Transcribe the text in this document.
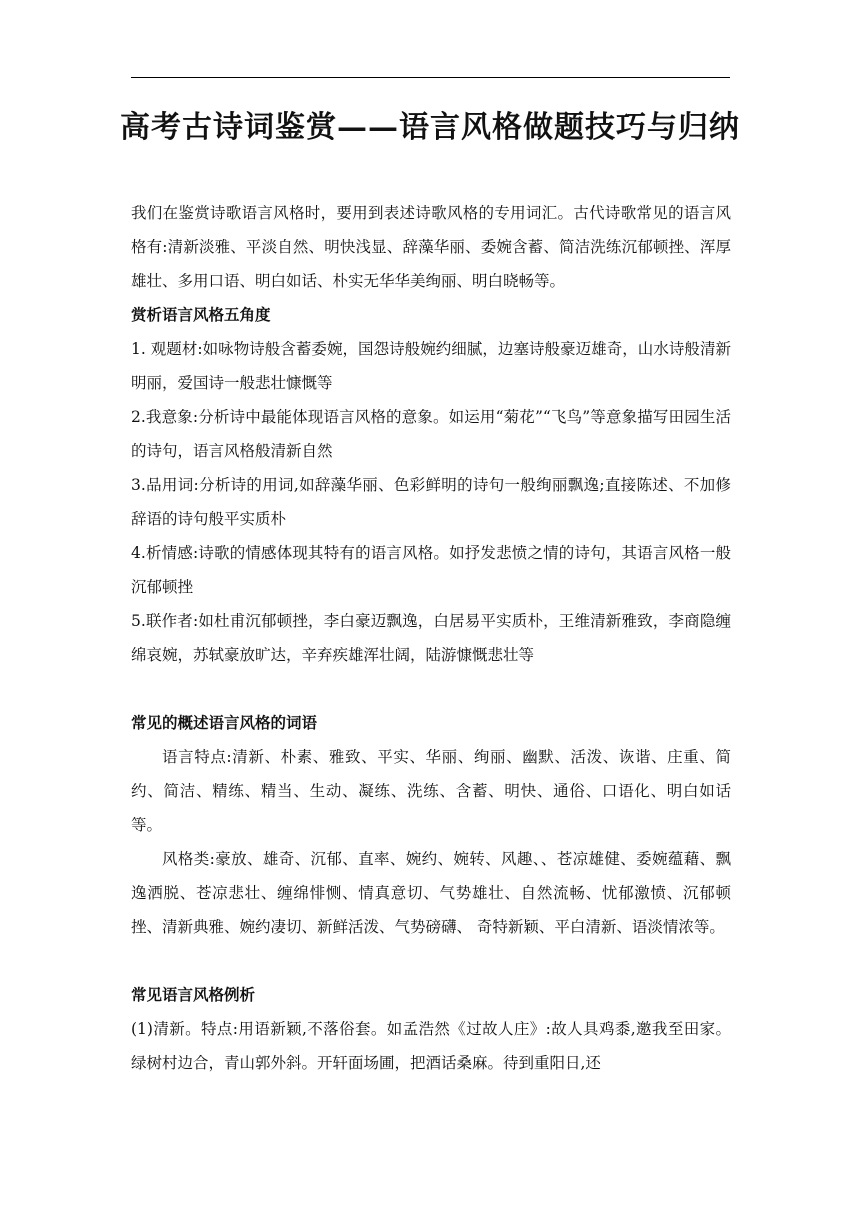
高考古诗词鉴赏——语言风格做题技巧与归纳

我们在鉴赏诗歌语言风格时，要用到表述诗歌风格的专用词汇。古代诗歌常见的语言风格有:清新淡雅、平淡自然、明快浅显、辞藻华丽、委婉含蓄、简洁洗练沉郁顿挫、浑厚雄壮、多用口语、明白如话、朴实无华华美绚丽、明白晓畅等。

赏析语言风格五角度

1. 观题材:如咏物诗般含蓄委婉，国怨诗般婉约细腻，边塞诗般豪迈雄奇，山水诗般清新明丽，爱国诗一般悲壮慷慨等

2.我意象:分析诗中最能体现语言风格的意象。如运用“菊花”“飞鸟”等意象描写田园生活的诗句，语言风格般清新自然

3.品用词:分析诗的用词,如辞藻华丽、色彩鲜明的诗句一般绚丽飘逸;直接陈述、不加修辞语的诗句般平实质朴

4.析情感:诗歌的情感体现其特有的语言风格。如抒发悲愤之情的诗句，其语言风格一般沉郁顿挫

5.联作者:如杜甫沉郁顿挫，李白豪迈飘逸，白居易平实质朴，王维清新雅致，李商隐缠绵哀婉，苏轼豪放旷达，辛弃疾雄浑壮阔，陆游慷慨悲壮等

常见的概述语言风格的词语

语言特点:清新、朴素、雅致、平实、华丽、绚丽、幽默、活泼、诙谐、庄重、简约、简洁、精练、精当、生动、凝练、洗练、含蓄、明快、通俗、口语化、明白如话等。

风格类:豪放、雄奇、沉郁、直率、婉约、婉转、风趣、、苍凉雄健、委婉蕴藉、飘逸洒脱、苍凉悲壮、缠绵悱恻、情真意切、气势雄壮、自然流畅、忧郁激愤、沉郁顿挫、清新典雅、婉约凄切、新鲜活泼、气势磅礴、 奇特新颖、平白清新、语淡情浓等。

常见语言风格例析

(1)清新。特点:用语新颖,不落俗套。如孟浩然《过故人庄》:故人具鸡黍,邀我至田家。绿树村边合，青山郭外斜。开轩面场圃，把酒话桑麻。待到重阳日,还
